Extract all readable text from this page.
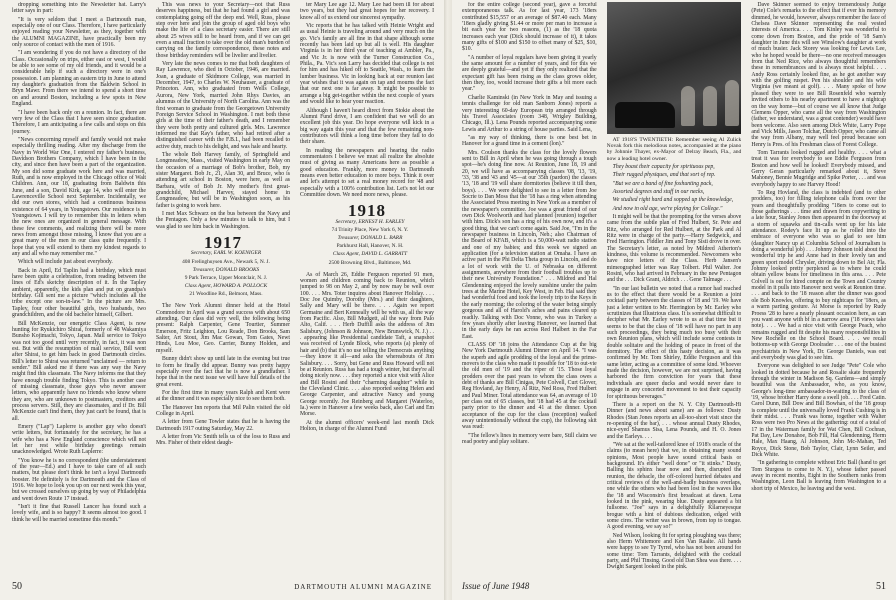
dropping something into the Newsletter hat. Larry's letter says in part:

"It is very seldom that I meet a Dartmouth man, especially one of our Class. Therefore, I have particularly enjoyed reading your Newsletter, as they, together with the ALUMNI MAGAZINE, have practically been my only source of contact with the men of 1916.

"I am wondering if you do not have a directory of the Class. Occasionally on trips, either east or west, I would be able to see some of my old friends, and it would be a considerable help if such a directory were in one's possession. I am planning an eastern trip in June to attend my daughter's graduation from the Baldwin School in Bryn Mawr. From there we intend to spend a short time on and around Boston, including a few spots in New England.

"I have been back only on a reunion. In fact, there are very few of the Class that I have seen since graduation. Therefore, I am anticipating a few calls and stops on this journey.

"News concerning myself and family would not make especially thrilling reading. After my discharge from the Navy in World War One, I entered my father's business, Davidson Brothers Company, which I have been in the city, and since then have been a part of the organization. My son did some graduate work here and was married, Ruth, and is now employed in the Chicago office of Walt Children. Ann, our 18, graduating from Baldwin this June, and a son, David Kirk, age 14, who will enter the Lawrenceville School next September. Incidentally, we did our own stores, which had a continuous business existence of 64 years, in Youngstown. Our residence is in Youngstown. I will try to remember this in letters when the new ones are organized in general message. With these few comments, and realizing there will be more news from amongst those missing, I know that you are a great many of the men in our class quite frequently. I hope that you will extend to them my kindest regards to any and all who may remember me."

Which will include just about everybody.

Back in April, Ed Taplin had a birthday, which must have been quite a celebration, from reading between the lines of Ed's sketchy description of it. In the Tapley ambient, apparently, the kids plan and put on grandpa's birthday. Gill sent me a picture "which includes all the tribe except one son-in-law." In the picture are Mrs. Tapley, four other beautiful girls, two husbands, two grandchildren, and the old bachelor himself, Gilbert.

Bill McKenzie, our energetic Class Agent, is now hunting for Ryukichiro Shirai, formerly of 48 Wakamiya Bunsho Kojimachi, Tokyo, Japan. Mail service to Tokyo was not too good until very recently, in fact, it was non est. But with the resumption of mail service, Bill went after Shirai, to get him back in good Dartmouth circles. Bill's letter to Shirai was returned "unclaimed — return to sender." Bill asked me if there was any way the Navy might find this classmate. The Navy informs me that they have enough trouble finding Tokyo. This is another case of missing classmate, those guys who never answer letters, who apparently have no friends who know where they are, who are unknown to postmasters, creditors and process servers. Still, they are classmates, and if Dr. Bill McKenzie can't find them, they just can't be found, that is all.

Emery ("Lap") Laplerre is another guy who doesn't write letters, but fortunately for the secretary, he has a wife who has a New England conscience which will not let her rest while birthday greetings remain unacknowledged. Wrote Ruth Laplerre:

"You know he is no correspondent (the understatement of the year—Ed.) and I have to take care of all such matters, but please don't think he isn't a loyal Dartmouth booster. He definitely is for Dartmouth and the Class of 1916. We hope to look you up on our next week this year, but we crossed ourselves up going by way of Philadelphia and went down Route 17 instead.

"Isn't it fine that Russell Lancer has found such a lovely wife, and is so happy? It seems almost too good. I think he will be married sometime this month."

This was news to your Secretary—not that Russ deserves happiness, but that he had found a girl and was contemplating going off the deep end. Well, Russ, please step over here and join the group of aged old boys who make the life of a class secretary easier. There are still about 25 wives still to be heard from, and if we can get even a small fraction to take over the old man's burden of carrying on the family correspondence, these notes and those birthday reminders will be livelier and livelier.

Very late the news comes to me that both daughters of Ray Lawrence, who died in October, 1946, are married. Joan, a graduate of Skidmore College, was married in December, 1947, to Charles W. Neuhauser, a graduate of Princeton. Ann, who graduated from Wells College, Aurora, New York, married John Rhys Davies, an alumnus of the University of North Carolina. Ann was the first woman to graduate from the Georgetown University Foreign Service School in Washington. I met both these girls at the time of their father's death, and I remember they were both pretty and cultured girls. Mrs. Lawrence informed me that Ray's father, who had retired after a distinguished career with the F.B.I., had been recalled to active duty, much to his delight, and was hale and hearty.

The whole Bob Harvey family, of Springfield and Longmeadow, Mass., visited Washington in early May on the occasion of a marriage of Bob's brother, Bob, my sister Margaret. Bob Jr., 21, Alan 30, and Bruce, who is attending art school in Boston, were here, as well as Barbara, wife of Bob Jr. My mother's first great-grandchild, Michael Harvey, stayed home in Longmeadow, but will be in Washington soon, as his father is going to work here.

I met Max Schwarz on the bus between the Navy and the Pentagon. Only a few minutes to talk to him, but I was glad to see him back in Washington.

1917

Secretary, EARL W. KOENIGER

408 Frelinghuysen Ave., Newark 5, N. J.

Treasurer, DONALD BROOKS

9 Park Terrace, Upper Montclair, N. J.

Class Agent, HOWARD A. POLLOCK

21 Woodline Rd., Belmont, Mass.

The New York Alumni dinner held at the Hotel Commodore in April was a grand success with about 650 attending. Our class did very well, the following being present: Ralph Carpenter, Gene Tourtier, Summer Emerson, Fritz Leighton, Lou Reade, Don Brooks, Sam Salter, Art Stout, Jim Mac Gowan, Tom Gates, Newt Hinds, Lou Moe, Geo. Carrier, Bunny Holden, and myself.

Bunny didn't show up until late in the evening but true to form he finally did appear. Bunny was pretty happy especially over the fact that he is now a grandfather. I hope that in the next issue we will have full details of the great event.

For the first time in many years Ralph and Kent were at the dinner and it was especially nice to see them both.

The Hanover Inn reports that Mil Palin visited the old College in April.

A letter from Gene Towler states that he is having the Dartmouth 1917 outing Saturday, May 22.

A letter from Vic Smith tells us of the loss to Russ and Mrs. Fisher of their eldest daugh-

ter Mary Lee age 12. Mary Lee had been ill for about two years, but they had great hopes for her recovery. I know all of us extend our sincerest sympathy.

Vic reports that he has talked with Heinie Wright and as usual Heinie is traveling around and very much on the go. Vic's family are all fine in that shape although some recently has been laid up but all is well. His daughter Virginia is in her third year of teaching at Ambler, Pa., and Vic Jr. is now with the Turner Construction Co., Phila., Pa. Vic's son Larry has decided that college is not for him and has hiked off to Seattle, Wash., to learn the lumber business. Vic in looking back at our reunion last year wishes that it was again on tap and mourns the fact that our next one is far away. It might be possible to arrange a big get-together within the next couple of years and would like to hear your reaction.

Although I haven't heard direct from Stokie about the Alumni Fund drive, I am confident that we will do an excellent job this year. Do hope everyone will kick in a big way again this year and that the few remaining non-contributors will think a long time before they fail to do their share.

In reading the newspapers and hearing the radio commentators I believe we must all realize the absolute must of giving as many Americans here as possible a good education. Frankly, more money to Dartmouth means even better education to more boys. Think it over and let's attempt to set a real money record for '48 and especially with a 100% contribution list. Let's not let our Committee down. We need more news, please.

1918

Secretary, ERNEST H. EARLEY

74 Trinity Place, New York 6, N. Y.

Treasurer, DONALD L. BARR

Parkhurst Hall, Hanover, N. H.

Class Agent, DAVID L. GARRATT

2500 Browning Blvd., Baltimore, Md.

As of March 26, Eddie Ferguson reported 91 men, women and children coming back to Reunion, which jumped to 98 on May 2, and by now may be well over 100. . . . Mrs. Toter inquires about Hanover Holiday. . . . Doc Joe Quimby, Dorothy (Mrs.) and their daughters, Sally and Mary will be there. . . . Again we report Germaine and Bert Kenneally will be with us, all the way from Pacific. Also, Bill Mudgett, all the way from Palo Alto, Calif. . . . Herb Duffill asks the address of Jim Salisbury, (Johnson & Johnson, New Brunswick, N. J.) . . . appearing like Presidential candidate Taft, a snapshot was received of Lynde Block, who reports (a) plenty of hair and (b) that it's no use telling the Democrats anything—they know it all—and asks the whereabouts of Jim Salisbury. . . . Sorry, but Gene and Russ Howard will not be at Reunion. Russ has had a tough winter, but they're all doing nicely now. . . . they reported a nice visit with Alice and Bill Rosini and their "charming daughter" while in the Cleveland Clinic. . . . also reported seeing Helen and George Carpenter, and attractive Nancy and young George recently. Joe Reinberg and Margaret (Waterloo, Ia.) were in Hanover a few weeks back, also Carl and Em Morse.

At the alumni officers' week-end last month Dick Holton, in charge of the Alumni Fund

50	DARTMOUTH ALUMNI MAGAZINE

for the entire college (second year), gave a forceful extemporaneous talk. As for last year, 173 '18ers contributed $15,557 or an average of $87.40 each. Many '18ers gladly giving $1.44 or more per man to increase a bit each year for two reasons, (1) as the '18 quota increases each year (Dick should increase of it), it takes many gifts of $100 and $150 to offset many of $25, $10, $10.

"A number of loyal regulars have been giving it yearly the same amount for a number of years, and for this we are deeply grateful—and yet if they only realized that the expectant gift has been rising as the class grows older, then they, too, would increase their gifts a bit more each year."

Charlie Kaminski (in New York in May and issuing a tennis challenge for old man Sanborn Jones) reports a very interesting 60-day European trip arranged through his Travel Associates (room 348, Wrigley Building, Chicago, Ill.). Lena Pounds reported accompanying some Lewis and Arthur to a string of house parties. Said Lena,

"as my way of thinking, there is one best bet in Hanover for a grand time in a cement (lon)."

Mrs. Coulson thanks the class for the lovely flowers sent to Bill in April when he was going through a tough spot—he's doing fine now. At Reunion, June 18, 19 and 20, we will have as accompanying classes '08, '13, '19, '33, '38 and '43 and '45—at our 35th (pardon) the classes '13, '18 and '19 will share dormitories (believe it till then, boys). . . . We were delighted to see in a letter from Joe Socrie to Dan Moss that the '18 has a ring when attending the Associated Press meeting in New York as a member of the newspaper's committee. Joe was a great friend of our own Dick Woolworth and had planned (reunion) together with him. Dick's son has a ring of his own now, and it's a good thing, that we can't come again. Said Joe, "I'm in the newspaper business in Lincoln, Neb.; also Chairman of the Board of KFAB, which is a 50,000-watt radio station and one of my babies; and this week we signed an application (for a television station at Omaha. I have an active part in the Phi Delta Theta group in Lincoln, and do a lot of work with the U. of Nebraska on different assignments, anywhere from their football troubles up to their new University Foundation." . . . Mildred and Hal Glendenning enjoyed the lovely sunshine under the palm trees at the Marine Hotel, Key West, in Feb. Hal said they had wonderful food and took the lovely trip to the Keys in the early morning; the coloring of the water being simply gorgeous and all of Harold's aches and pains cleared up readily. Talking with Doc Vonne, who was in Turkey a few years shortly after leaving Hanover, we learned that in the early days he ran across Red Halbert in the Far East.

CLASS OF '18 joins the Attendance Cup at the big New York Dartmouth Alumni Dinner on April 14. "I was the superb and agile prodding of the loyal and the prime-movers to the class who made it possible for '18 to out-vie the old men of '19 and the viper of '15. Those loyal prodders over the past years to whom the class owes a debt of thanks are Bill Cinigas, Pete Colvell, Curt Glover, Reg Hovland, Jay Henry, Al Ritz, Ned Ross, Fred Hulbert and Paul Miner. Total attendance was 64, an average of 10 per class out of 65 classes, but '18 had 45 at the cocktail party prior to the dinner and 41 at the dinner. Upon acceptance of the cup for the class (reception) walked away unintentionally without the cup), the following skit was read:

"The fellow's lines in memory were bare, Still claim we read poetry and play solitare.

AT 1918'S TWENTIETH: Remember seeing Al Zulick Novak fork this melodious notes, accompanied at the piano by Johnnie Thayer, ex-Mayor of Delray Beach, Fla., and now a leading hotel owner.

They boast their capacity for spirituous pep,

Their rugged physiques, and that sort of rep.

"But we are a band of fine foxhunting pack,

Assorted degrees and stuff in our necks,

We studied right hard and sopped up the knowledge,

And now in old age, we're playing for College."

It might well be that the prompting for the verses above came from the subtle plan of Fred Hulbert, Sr. Pete and Ritz, who arranged for Red Hulbert, at the Park and Al Ritz were in charge of the party.—Harry Sedgwick, and Fred Harrington. Fiddler Jim and Tony Sisti drove in over. The Secretary's letter, as noted by Mildred Atherton's kindness, this volume is recommended. Newcomers who have nice letters of the Class. Herb Jansen's mimeographed letter was Ray Tolbert. Phil Walter. Joe Rosini, who had arrived in February in the new Pentagon and the . . . Dick Grant, Aldrich . . . Gene Talmage . . .

"In our last bulletin we noted that a rumor had reached us to the effect that there would be a Reunion a joint cocktail party between the classes of '18 and '19. We have just a letter written to Mr. Herrington by Mr. Earley who scrutinizes that Illustrious class. It is somewhat difficult to decipher what Mr. Earley wrote to us at that time but it seems to be that the class of '18 will have no part in any such proceedings, they being much too busy with their own Reunion plans, which will include some contests in double solitaire and the holding of peace in front of the dormitory. The effect of this hasty decision, as it was confirmed by Mr. Tom Shirley, Eddie Ferguson and this same letter, acting as a committee of some kind. Whoever made the decision, however, we are not surprised, having harbored the firm conviction for years that these individuals are queer ducks and would never dare to engage in any concerted movement to test their capacity for spirituous beverages."

There is a report on the N. Y. City Dartmouth-Hi Dinner (and news about same) are as follows: Dusty Rhodes (Stan Jones reports an all-too-short visit since the re-opening of the bar), . . . whose annual Dusty Rhodes, nice-eyed Shamus Sisa, Lena Pounds, and H. O. Jones and the Earleys. . . .

"We sat at the well-tailored knee of 1918's oracle of the claims (to mean here) that we, in obtaining many sound opinions, Most people have sound critical basis or background. It's either "well done" or "it stinks." Dusty, Balling his sphinx hear now and then, disrupted the reunion, the debacle, the off-colored hurried debates and critical reviews of the well-and-badly business overlaps, one while the others who had been lost in the waves like the '18 and Wisconsin's first broadcast at dawn. Lena looked in the pink, wearing blue. Dusty appeared a bit fullsome. "Joe" says in a delightfully Kilarneyesque brogue with a hint of dubious dedication, edged with some cires. The writer was in brown, from top to tongue. A good evening, we say so!"

Ned Wilson, looking fit for spring ploughing was there; also Herm Whitemore and Ken Van Raalte. All hands were happy to see Ty Tyrrel, who has not been around for some time: Tom Tarrants, delighted with the cocktail party, and Phil Tinsing. Good old Dan Shea was there. . . . Dwight Sargent looked in the pink.

Dave Skinner seemed to enjoy tremendously Judge (Pete) Cole's remarks to the effect that if ever his memory dimmed, he would, however, always remember the face of Chelsea Dave Skinner representing the real vested interests of America. . . . Tom Kinley was wonderful to come down from Boston, and the pride of '18 Sam's daughter in June this will see Winslow's daughter at work of much busier. Jack Storey was looking for Lewis Lee, who he hoped would be there—no one received messages from that Ned Rice, who always thoughtful remembers these in remembrances and is always most helpful. . . . Andy Ross certainly looked fine, as he got another way with the golfing ruspet. Pen his shoulder and his wife Virginia (we meant at golf). . . . Many spoke of how pleased they were to see Bill Rosenfeld who warmly invited others to his nearby apartment to have a nightcap on the way home—but of course we all know that Judge Clemens Opper, who came all the way from Washington (father, we understand, was a great contender) would have been welcome. Also seen among Dick White, Larry Pope and Vick Mills, Jason Tolchar, Dutch Opper, who came all the way from Albany, may well feel proud because son Henry is Pres. of his Freshman class of Forest College.

Tom Tarrants looked rugged and healthy. . . . what a treat it was for everybody to see Eddie Ferguson from Boston and how well he looked! Everybody missed, and Gerry Geran particularly remarked about it, Steve Mahoney, Bennie Mugridge and Spike Porter, . . . and was everybody happy to see Harvey Hood!

To Reg Hovland, the class is indebted (and to other prodders, too) for filling telephone calls from over the years and thoughtfully prodding "18ers to come out to those gatherings . . . time and drawn from copywriting to a late hour, Stanley Jones then appeared in the doorway at a storm of squawks and tin-calls went up for his late attendance. Rodey's face lit up as he rolled into the embrace of everyone who was so glad to see him (daughter Nancy up at Columbia School of Journalism is doing a wonderful job) . . . Johnny Johnson told about the wonderful trip he and Anne had in their lovely tan and green sport model Chrysler, driving down to Bel Air, Fla. Johnny looked pretty perplexed as to where he could obtain yellow beans for timeliness in this area. . . . Pete Colvell is out for hired compte on the Town and Country model in it pulls into Hanover next week at Reunion time. . . . and back to the '18 reason after the dinner was good ole Bob Knowles, offering to buy nightcaps for '18ers, as a warm parting gesture. At Morse is reported by Rudy Proess '28 to have a nearly pleasant occasion here, as can you want anyone with bf in a narrow area ('18 views take note). . . . We had a nice visit with George Peach, who remains rugged and fit despite his many responsibilities in New Rochelle on the School Board. . . . we recall bottoms-up with George Doolrader . . . one of the busiest psychiatrists in New York, Dr. George Daniels, was out and everybody was glad to see him.

Everyone was delighted to see Judge "Pete" Cole who looked in dotted because he and Rosalie skate frequently through the winter in Madison Sq. Gardens—and simply beautiful was the Ambassador, who, as you know, George's long-time ambassador-in-waiting to the class of '19, whose brother Harry done a swell job. . . . Fred Catin. Carol Dunn, Bill Dow and Bill Bowhan, of the '18 group is complete until the universally loved Frank Cushing is in their midst. . . . Frank was home, together with Walter Ross were two Pro News at the gathering: out of a total of 17 in the Waterman family for Wat Chen, Bill Cochran, Pat Day, Lew Donahoe, Bob Fill, Hal Glendenning, Herm Hale, Max Haang, Al Johnson, John Mc-Mahan, Ted Royce, Dick Stone, Bob Taylor, Clair, Lynn Seiler, and Dick White.

"In gathering to complete without Eric Ball (hand to get Tom Sturgess to come to N. Y.), whose father passed away in recent months, Eight in the Southern ranks from Washington, Leon Ball is leaving from Washington to a short trip of Mexico, he leaving and the west.

Issue of June 1948	51
